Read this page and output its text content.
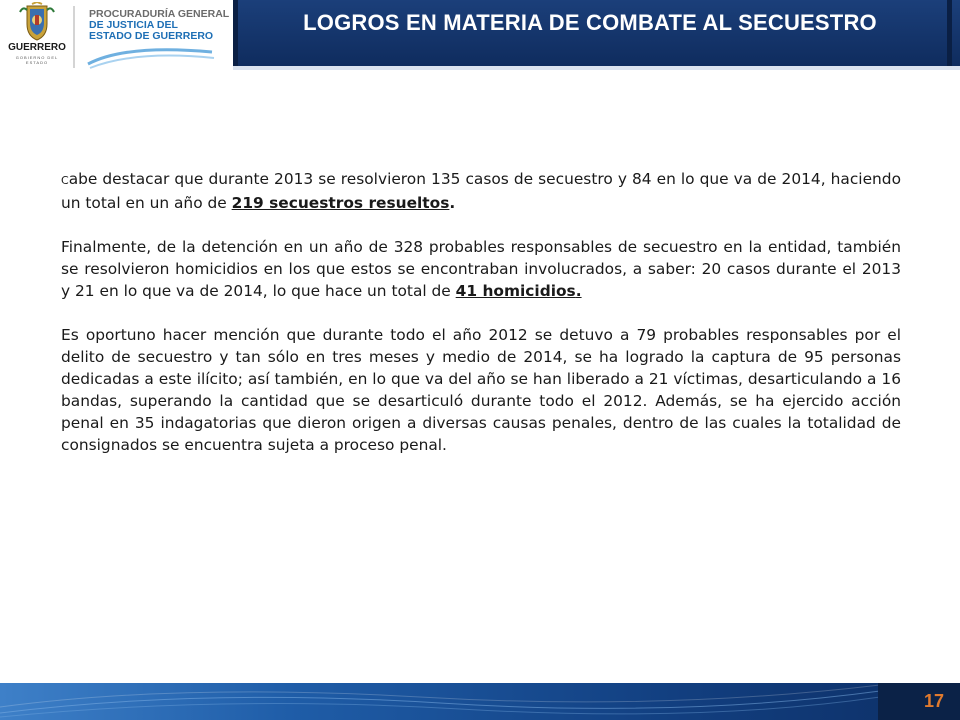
GUERRERO
GOBIERNO DEL ESTADO
PROCURADURÍA GENERAL
DE JUSTICIA DEL
ESTADO DE GUERRERO
LOGROS EN MATERIA DE COMBATE AL SECUESTRO

Cabe destacar que durante 2013 se resolvieron 135 casos de secuestro y 84 en lo que va de 2014, haciendo un total en un año de 219 secuestros resueltos.

Finalmente, de la detención en un año de 328 probables responsables de secuestro en la entidad, también se resolvieron homicidios en los que estos se encontraban involucrados, a saber: 20 casos durante el 2013 y 21 en lo que va de 2014, lo que hace un total de 41 homicidios.

Es oportuno hacer mención que durante todo el año 2012 se detuvo a 79 probables responsables por el delito de secuestro y tan sólo en tres meses y medio de 2014, se ha logrado la captura de 95 personas dedicadas a este ilícito; así también, en lo que va del año se han liberado a 21 víctimas, desarticulando a 16 bandas, superando la cantidad que se desarticuló durante todo el 2012. Además, se ha ejercido acción penal en 35 indagatorias que dieron origen a diversas causas penales, dentro de las cuales la totalidad de consignados se encuentra sujeta a proceso penal.

17
